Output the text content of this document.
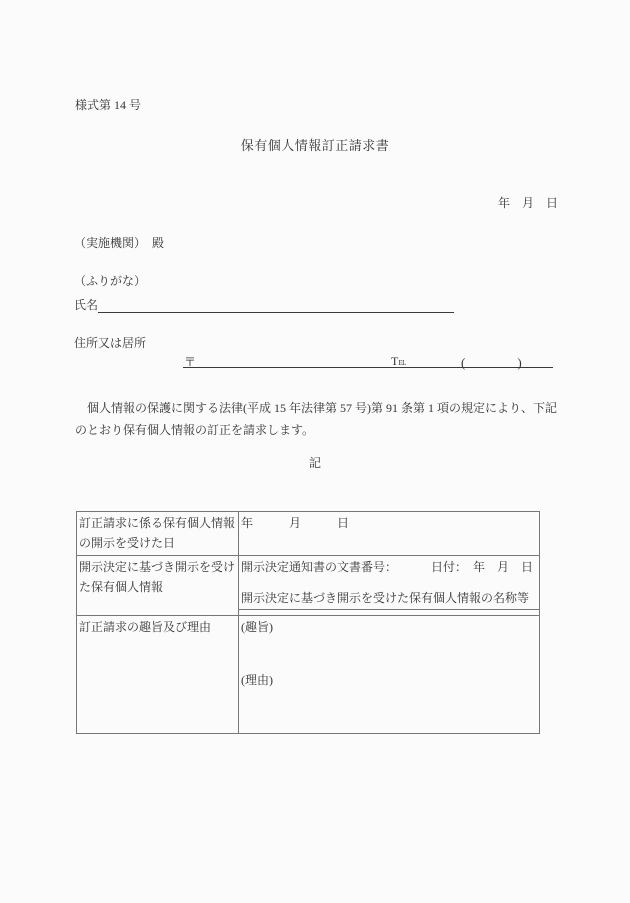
様式第 14 号
保有個人情報訂正請求書
年　月　日
（実施機関）　殿
（ふりがな）
氏名
住所又は居所
〒	TEL	(　　　　)
　個人情報の保護に関する法律(平成 15 年法律第 57 号)第 91 条第 1 項の規定により、下記
のとおり保有個人情報の訂正を請求します。
記
訂正請求に係る保有個人情報の開示を受けた日	年　　　月　　　日
開示決定に基づき開示を受けた保有個人情報	開示決定通知書の文書番号： 日付：　年　月　日
開示決定に基づき開示を受けた保有個人情報の名称等

訂正請求の趣旨及び理由	(趣旨)
(理由)
